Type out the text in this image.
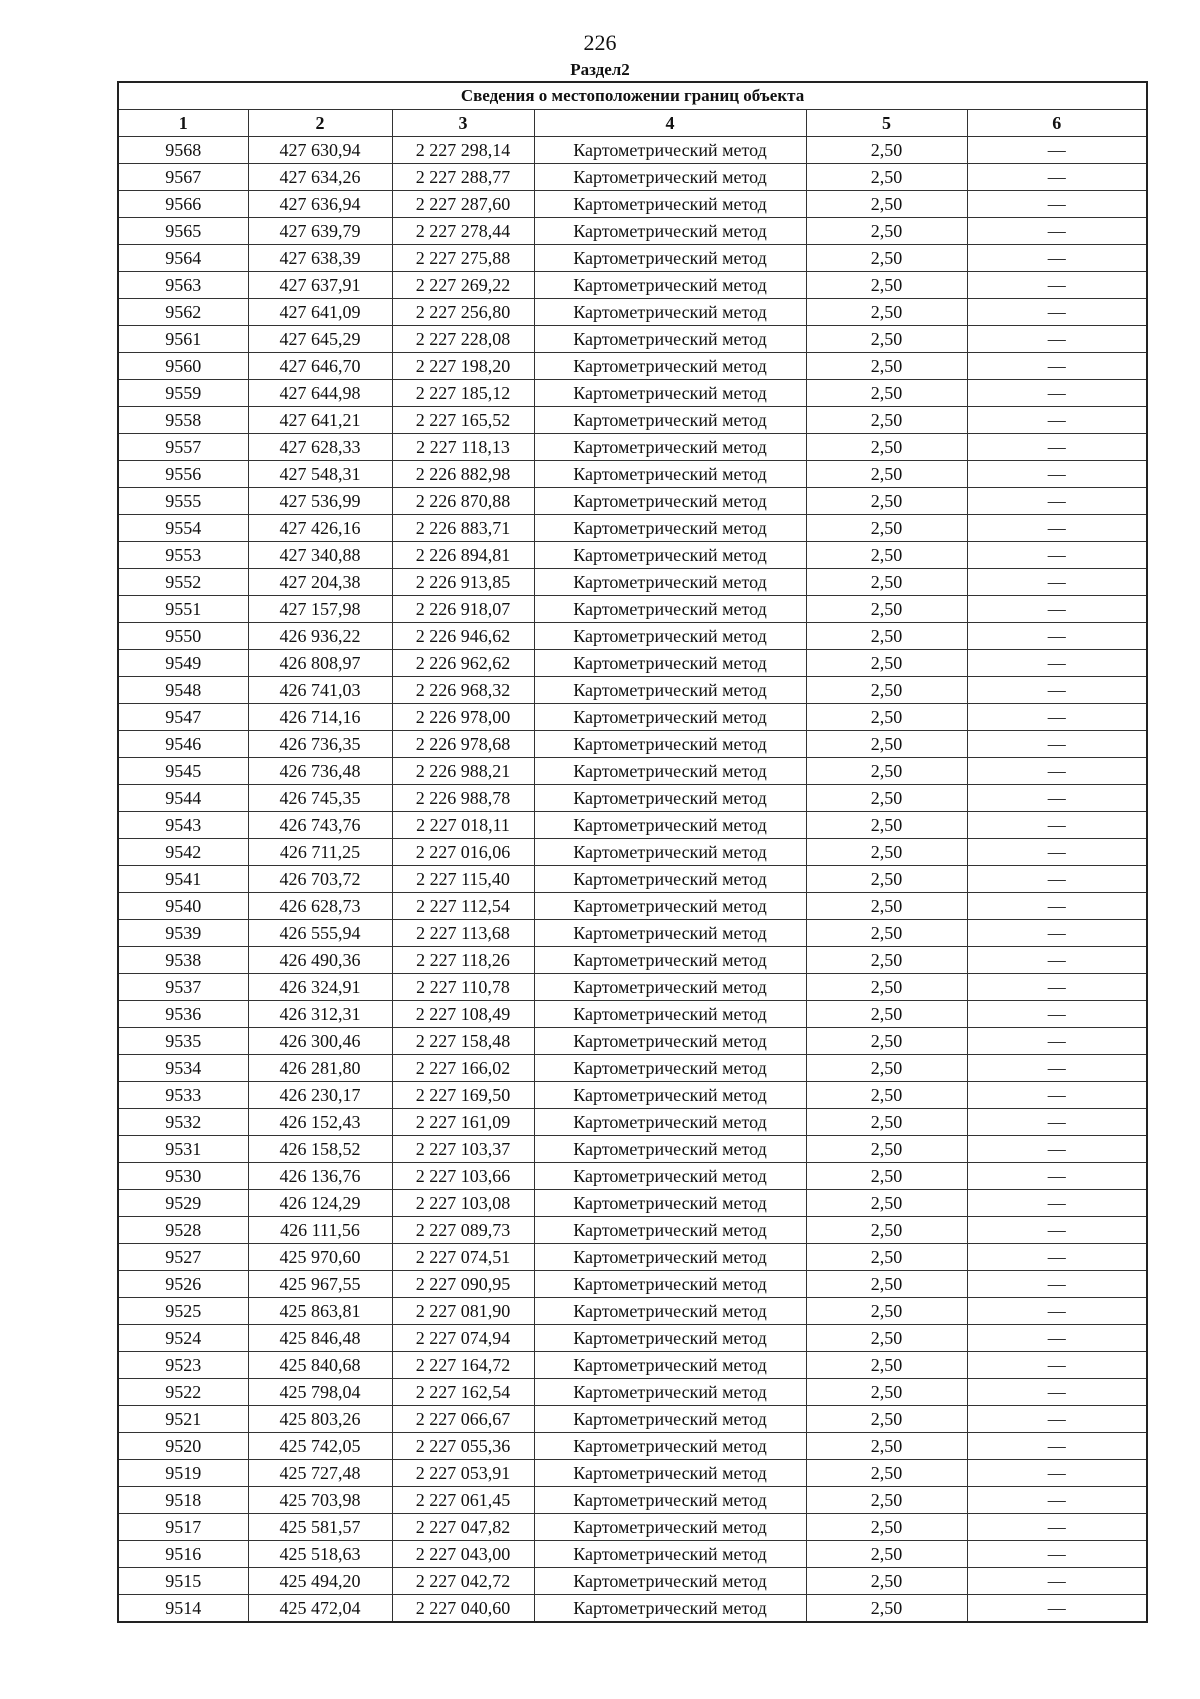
226
Раздел2
Сведения о местоположении границ объекта					
1	2	3	4	5	6
9568	427 630,94	2 227 298,14	Картометрический метод	2,50	—
9567	427 634,26	2 227 288,77	Картометрический метод	2,50	—
9566	427 636,94	2 227 287,60	Картометрический метод	2,50	—
9565	427 639,79	2 227 278,44	Картометрический метод	2,50	—
9564	427 638,39	2 227 275,88	Картометрический метод	2,50	—
9563	427 637,91	2 227 269,22	Картометрический метод	2,50	—
9562	427 641,09	2 227 256,80	Картометрический метод	2,50	—
9561	427 645,29	2 227 228,08	Картометрический метод	2,50	—
9560	427 646,70	2 227 198,20	Картометрический метод	2,50	—
9559	427 644,98	2 227 185,12	Картометрический метод	2,50	—
9558	427 641,21	2 227 165,52	Картометрический метод	2,50	—
9557	427 628,33	2 227 118,13	Картометрический метод	2,50	—
9556	427 548,31	2 226 882,98	Картометрический метод	2,50	—
9555	427 536,99	2 226 870,88	Картометрический метод	2,50	—
9554	427 426,16	2 226 883,71	Картометрический метод	2,50	—
9553	427 340,88	2 226 894,81	Картометрический метод	2,50	—
9552	427 204,38	2 226 913,85	Картометрический метод	2,50	—
9551	427 157,98	2 226 918,07	Картометрический метод	2,50	—
9550	426 936,22	2 226 946,62	Картометрический метод	2,50	—
9549	426 808,97	2 226 962,62	Картометрический метод	2,50	—
9548	426 741,03	2 226 968,32	Картометрический метод	2,50	—
9547	426 714,16	2 226 978,00	Картометрический метод	2,50	—
9546	426 736,35	2 226 978,68	Картометрический метод	2,50	—
9545	426 736,48	2 226 988,21	Картометрический метод	2,50	—
9544	426 745,35	2 226 988,78	Картометрический метод	2,50	—
9543	426 743,76	2 227 018,11	Картометрический метод	2,50	—
9542	426 711,25	2 227 016,06	Картометрический метод	2,50	—
9541	426 703,72	2 227 115,40	Картометрический метод	2,50	—
9540	426 628,73	2 227 112,54	Картометрический метод	2,50	—
9539	426 555,94	2 227 113,68	Картометрический метод	2,50	—
9538	426 490,36	2 227 118,26	Картометрический метод	2,50	—
9537	426 324,91	2 227 110,78	Картометрический метод	2,50	—
9536	426 312,31	2 227 108,49	Картометрический метод	2,50	—
9535	426 300,46	2 227 158,48	Картометрический метод	2,50	—
9534	426 281,80	2 227 166,02	Картометрический метод	2,50	—
9533	426 230,17	2 227 169,50	Картометрический метод	2,50	—
9532	426 152,43	2 227 161,09	Картометрический метод	2,50	—
9531	426 158,52	2 227 103,37	Картометрический метод	2,50	—
9530	426 136,76	2 227 103,66	Картометрический метод	2,50	—
9529	426 124,29	2 227 103,08	Картометрический метод	2,50	—
9528	426 111,56	2 227 089,73	Картометрический метод	2,50	—
9527	425 970,60	2 227 074,51	Картометрический метод	2,50	—
9526	425 967,55	2 227 090,95	Картометрический метод	2,50	—
9525	425 863,81	2 227 081,90	Картометрический метод	2,50	—
9524	425 846,48	2 227 074,94	Картометрический метод	2,50	—
9523	425 840,68	2 227 164,72	Картометрический метод	2,50	—
9522	425 798,04	2 227 162,54	Картометрический метод	2,50	—
9521	425 803,26	2 227 066,67	Картометрический метод	2,50	—
9520	425 742,05	2 227 055,36	Картометрический метод	2,50	—
9519	425 727,48	2 227 053,91	Картометрический метод	2,50	—
9518	425 703,98	2 227 061,45	Картометрический метод	2,50	—
9517	425 581,57	2 227 047,82	Картометрический метод	2,50	—
9516	425 518,63	2 227 043,00	Картометрический метод	2,50	—
9515	425 494,20	2 227 042,72	Картометрический метод	2,50	—
9514	425 472,04	2 227 040,60	Картометрический метод	2,50	—
